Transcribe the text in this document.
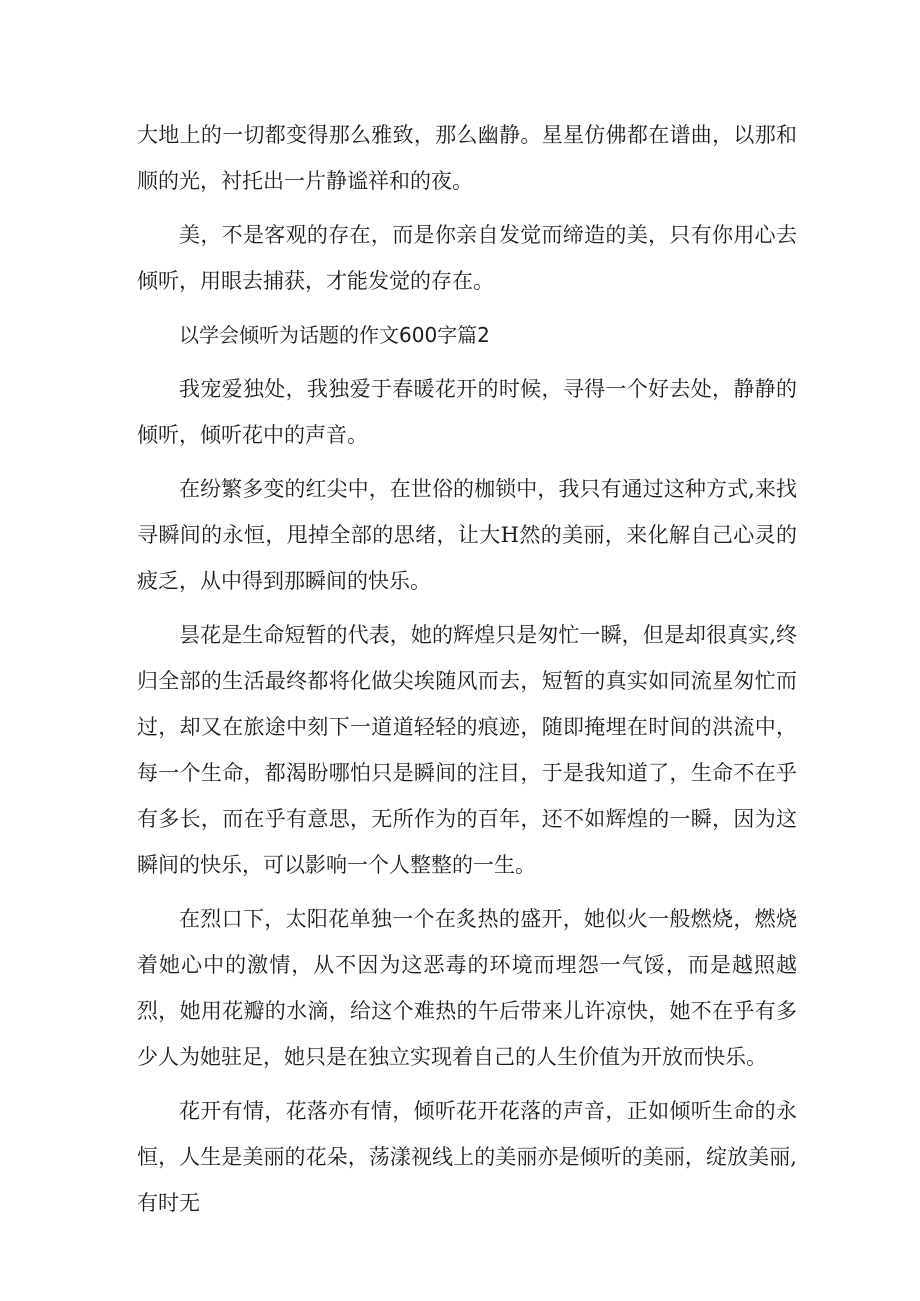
大地上的一切都变得那么雅致，那么幽静。星星仿佛都在谱曲，以那和顺的光，衬托出一片静谧祥和的夜。

美，不是客观的存在，而是你亲自发觉而缔造的美，只有你用心去倾听，用眼去捕获，才能发觉的存在。

以学会倾听为话题的作文600字篇2

我宠爱独处，我独爱于春暖花开的时候，寻得一个好去处，静静的倾听，倾听花中的声音。

在纷繁多变的红尖中，在世俗的枷锁中，我只有通过这种方式,来找寻瞬间的永恒，甩掉全部的思绪，让大H然的美丽，来化解自己心灵的疲乏，从中得到那瞬间的快乐。

昙花是生命短暂的代表，她的辉煌只是匆忙一瞬，但是却很真实,终归全部的生活最终都将化做尖埃随风而去，短暂的真实如同流星匆忙而过，却又在旅途中刻下一道道轻轻的痕迹，随即掩埋在时间的洪流中，每一个生命，都渴盼哪怕只是瞬间的注目，于是我知道了，生命不在乎有多长，而在乎有意思，无所作为的百年，还不如辉煌的一瞬，因为这瞬间的快乐，可以影响一个人整整的一生。

在烈口下，太阳花单独一个在炙热的盛开，她似火一般燃烧，燃烧着她心中的激情，从不因为这恶毒的环境而埋怨一气馁，而是越照越烈，她用花瓣的水滴，给这个难热的午后带来儿许凉快，她不在乎有多少人为她驻足，她只是在独立实现着自己的人生价值为开放而快乐。

花开有情，花落亦有情，倾听花开花落的声音，正如倾听生命的永恒，人生是美丽的花朵，荡漾视线上的美丽亦是倾听的美丽，绽放美丽,有时无
